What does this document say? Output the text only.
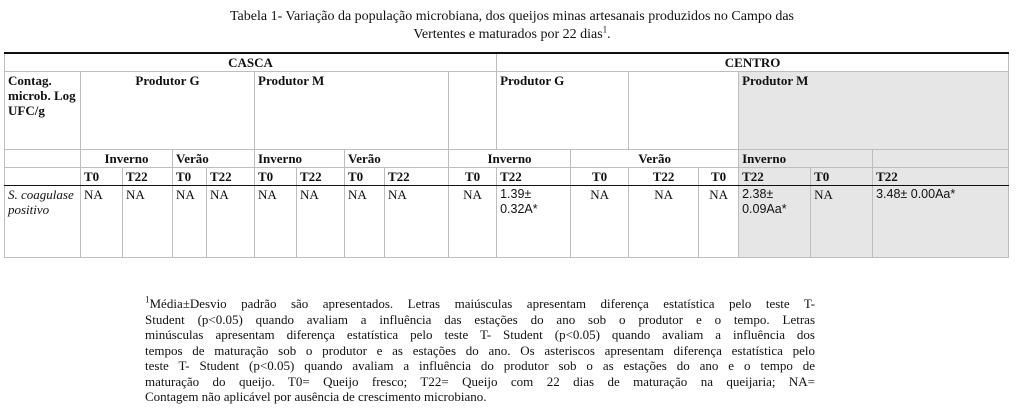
Tabela 1- Variação da população microbiana, dos queijos minas artesanais produzidos no Campo das
Vertentes e maturados por 22 dias$^1$.
CASCA										CENTRO							
Contag. microb. Log UFC/g	Produtor G				Produtor M					Produtor G				Produtor M			
	Inverno		Verão		Inverno		Verão		Inverno		Verão			Inverno		
	T0	T22	T0	T22	T0	T22	T0	T22	T0	T22	T0	T22	T0	T22	T0	T22	
S. coagulase positivo	NA	NA	NA	NA	NA	NA	NA	NA	NA	1.39± 0.32A*	NA	NA	NA	2.38± 0.09Aa*	NA	3.48± 0.00Aa*	
$^1$Média±Desvio padrão são apresentados. Letras maiúsculas apresentam diferença estatística pelo teste T-
Student (p<0.05) quando avaliam a influência das estações do ano sob o produtor e o tempo. Letras
minúsculas apresentam diferença estatística pelo teste T- Student (p<0.05) quando avaliam a influência dos
tempos de maturação sob o produtor e as estações do ano. Os asteriscos apresentam diferença estatística pelo
teste T- Student (p<0.05) quando avaliam a influência do produtor sob o as estações do ano e o tempo de
maturação do queijo. T0= Queijo fresco; T22= Queijo com 22 dias de maturação na queijaria; NA=
Contagem não aplicável por ausência de crescimento microbiano.
